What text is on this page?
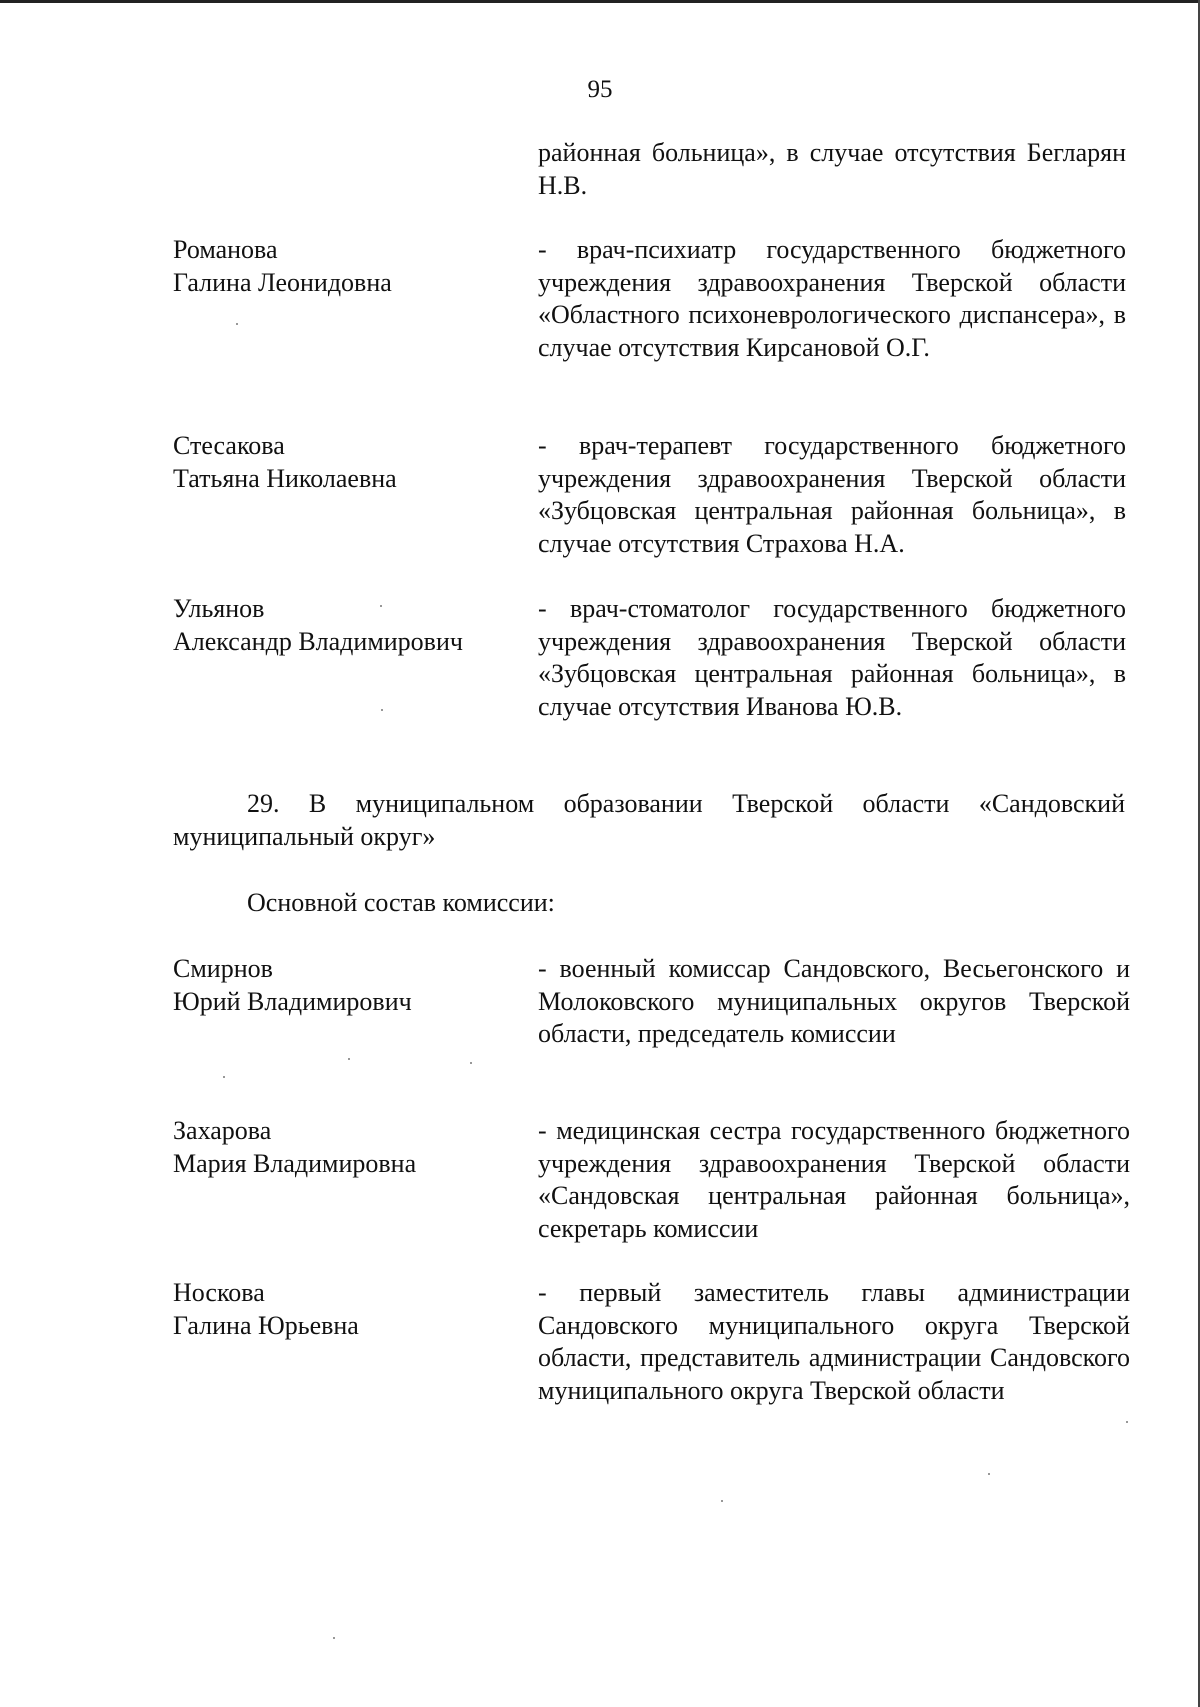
95
районная больница», в случае отсутствия Бегларян Н.В.
Романова
Галина Леонидовна
- врач-психиатр государственного бюджетного учреждения здравоохранения Тверской области «Областного психоневрологического диспансера», в случае отсутствия Кирсановой О.Г.
Стесакова
Татьяна Николаевна
- врач-терапевт государственного бюджетного учреждения здравоохранения Тверской области «Зубцовская центральная районная больница», в случае отсутствия Страхова Н.А.
Ульянов
Александр Владимирович
- врач-стоматолог государственного бюджетного учреждения здравоохранения Тверской области «Зубцовская центральная районная больница», в случае отсутствия Иванова Ю.В.
29. В муниципальном образовании Тверской области «Сандовский муниципальный округ»
Основной состав комиссии:
Смирнов
Юрий Владимирович
- военный комиссар Сандовского, Весьегонского и Молоковского муниципальных округов Тверской области, председатель комиссии
Захарова
Мария Владимировна
- медицинская сестра государственного бюджетного учреждения здравоохранения Тверской области «Сандовская центральная районная больница», секретарь комиссии
Носкова
Галина Юрьевна
- первый заместитель главы администрации Сандовского муниципального округа Тверской области, представитель администрации Сандовского муниципального округа Тверской области
